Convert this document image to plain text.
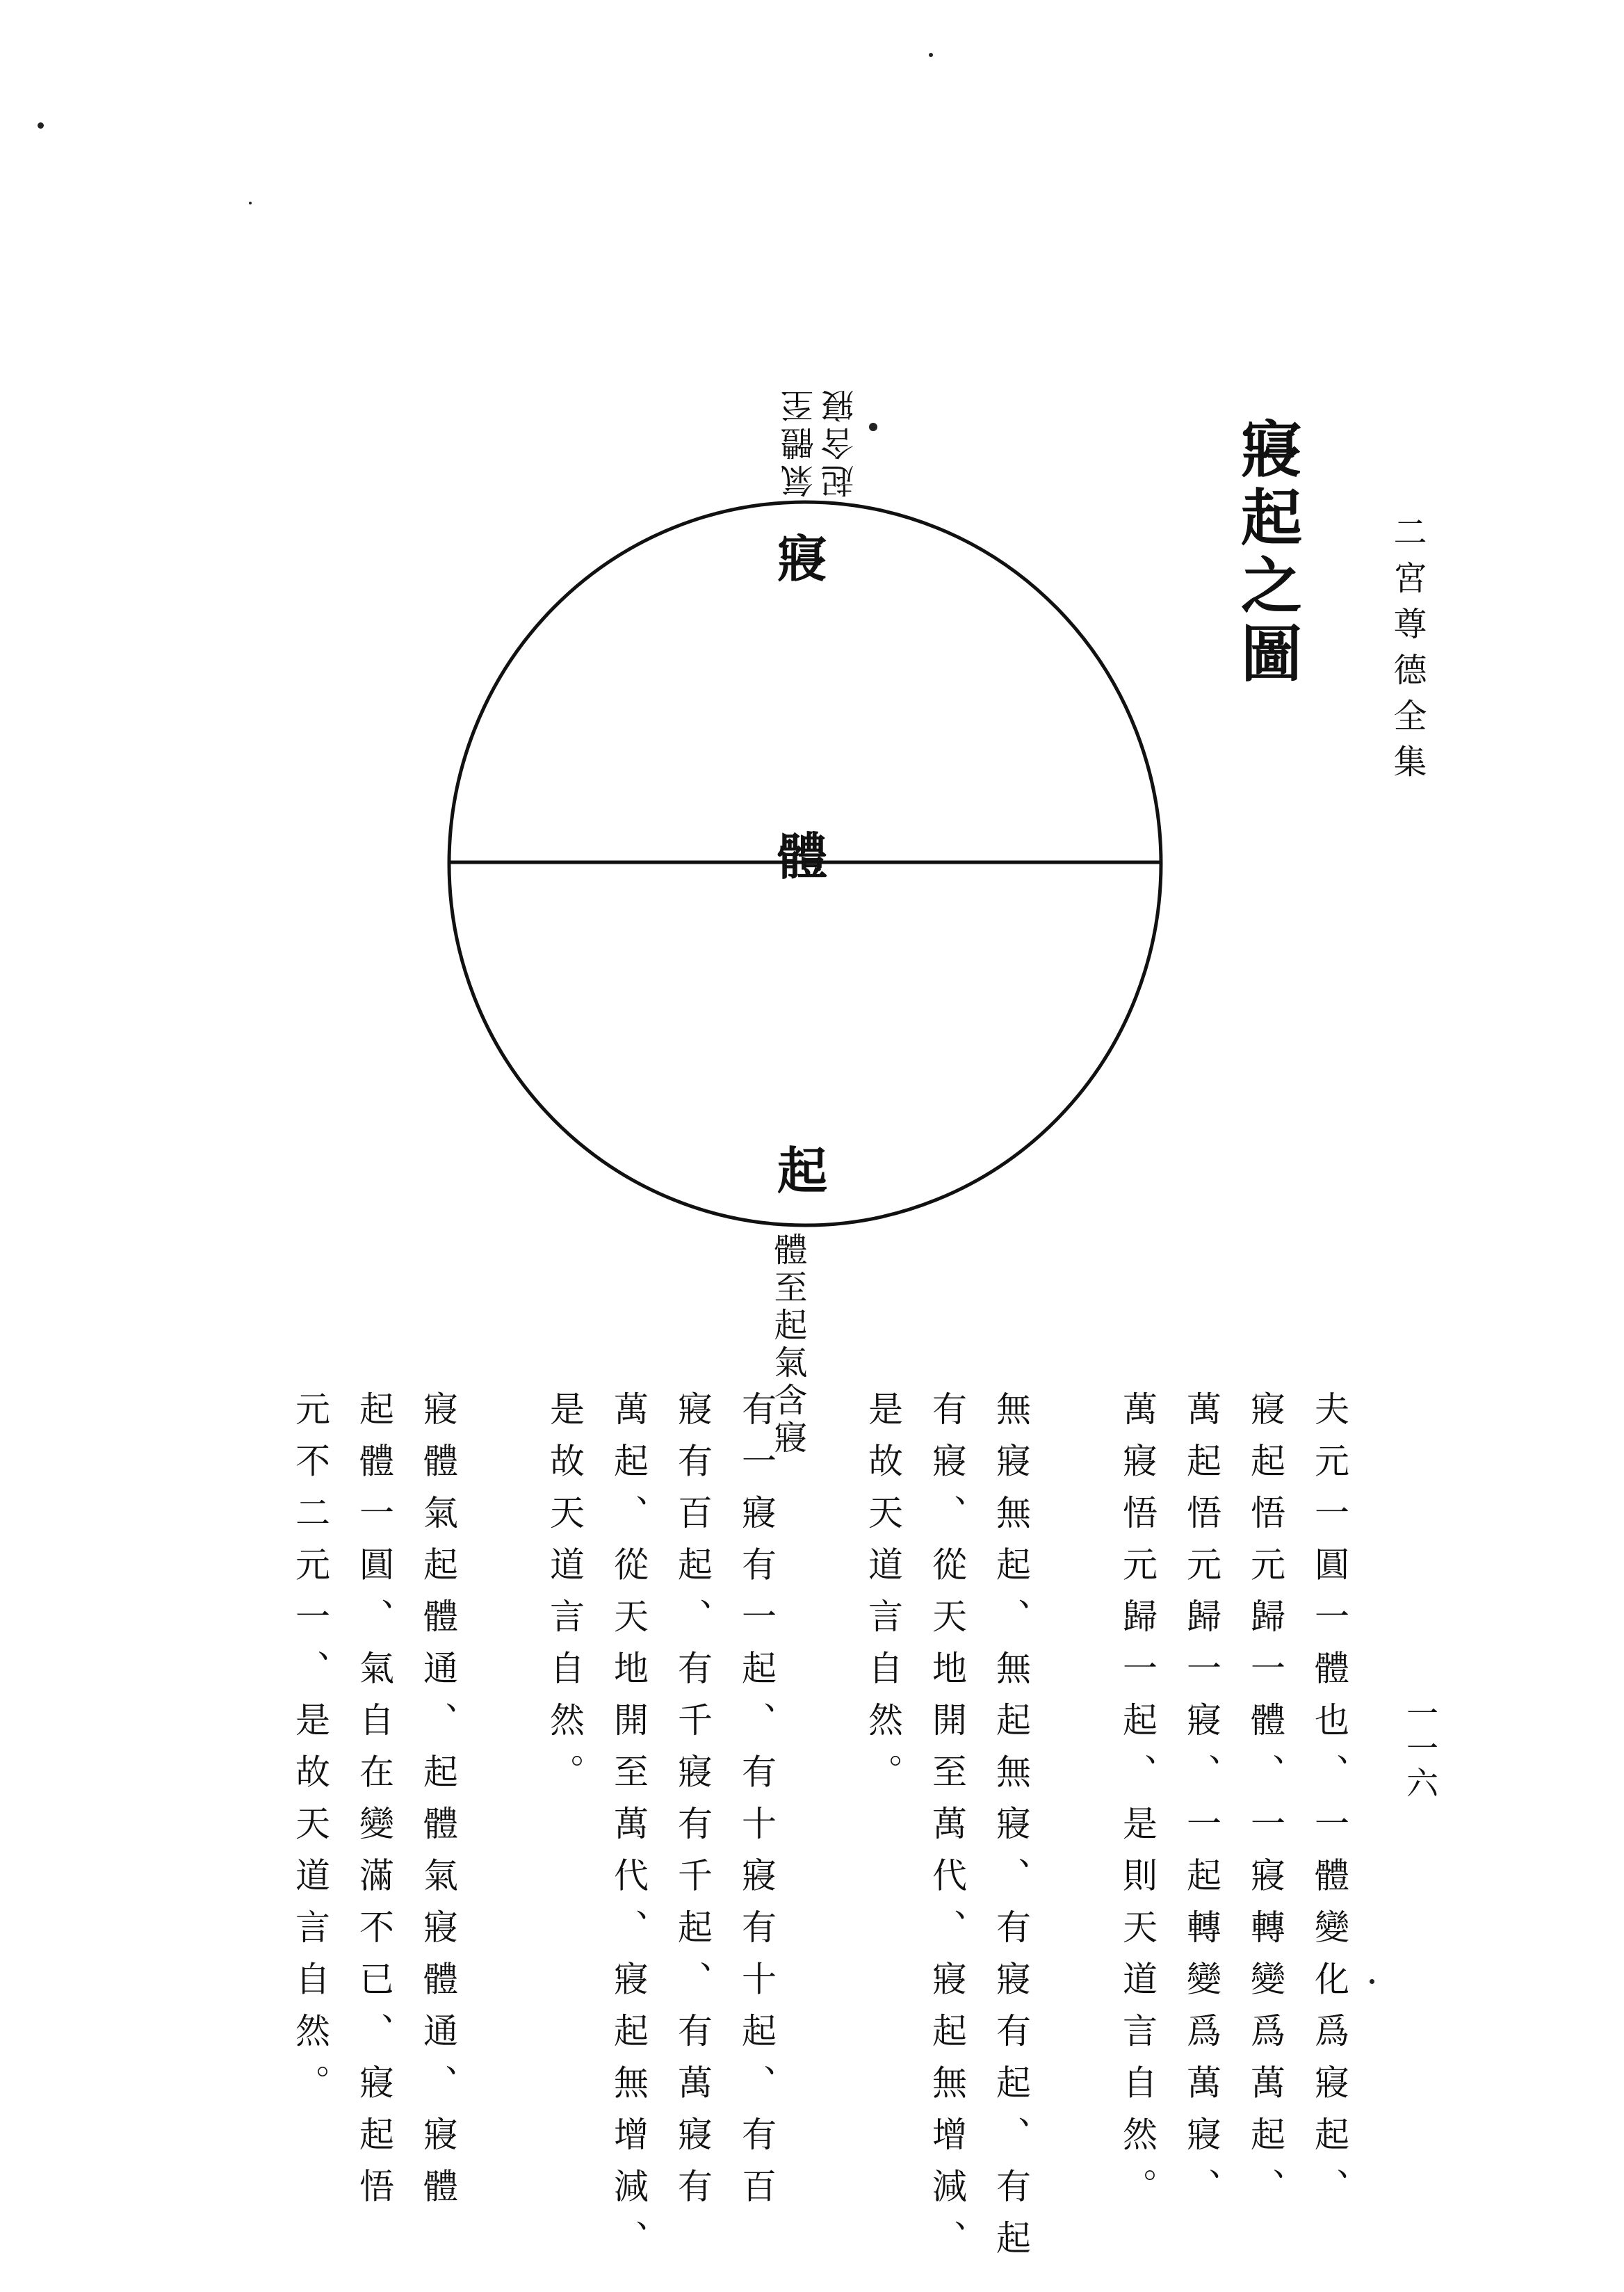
二宮尊德全集
一一六
寢起之圖
寢
體
起
氣體至起含寢
體至起氣含寢
夫元一圓一體也、一體變化爲寢起、
寢起悟元歸一體、一寢轉變爲萬起、
萬起悟元歸一寢、一起轉變爲萬寢、
萬寢悟元歸一起、是則天道言自然。
無寢無起、無起無寢、有寢有起、有起
有寢、從天地開至萬代、寢起無增減、
是故天道言自然。
有一寢有一起、有十寢有十起、有百
寢有百起、有千寢有千起、有萬寢有
萬起、從天地開至萬代、寢起無增減、
是故天道言自然。
寢體氣起體通、起體氣寢體通、寢體
起體一圓、氣自在變滿不已、寢起悟
元不二元一、是故天道言自然。
